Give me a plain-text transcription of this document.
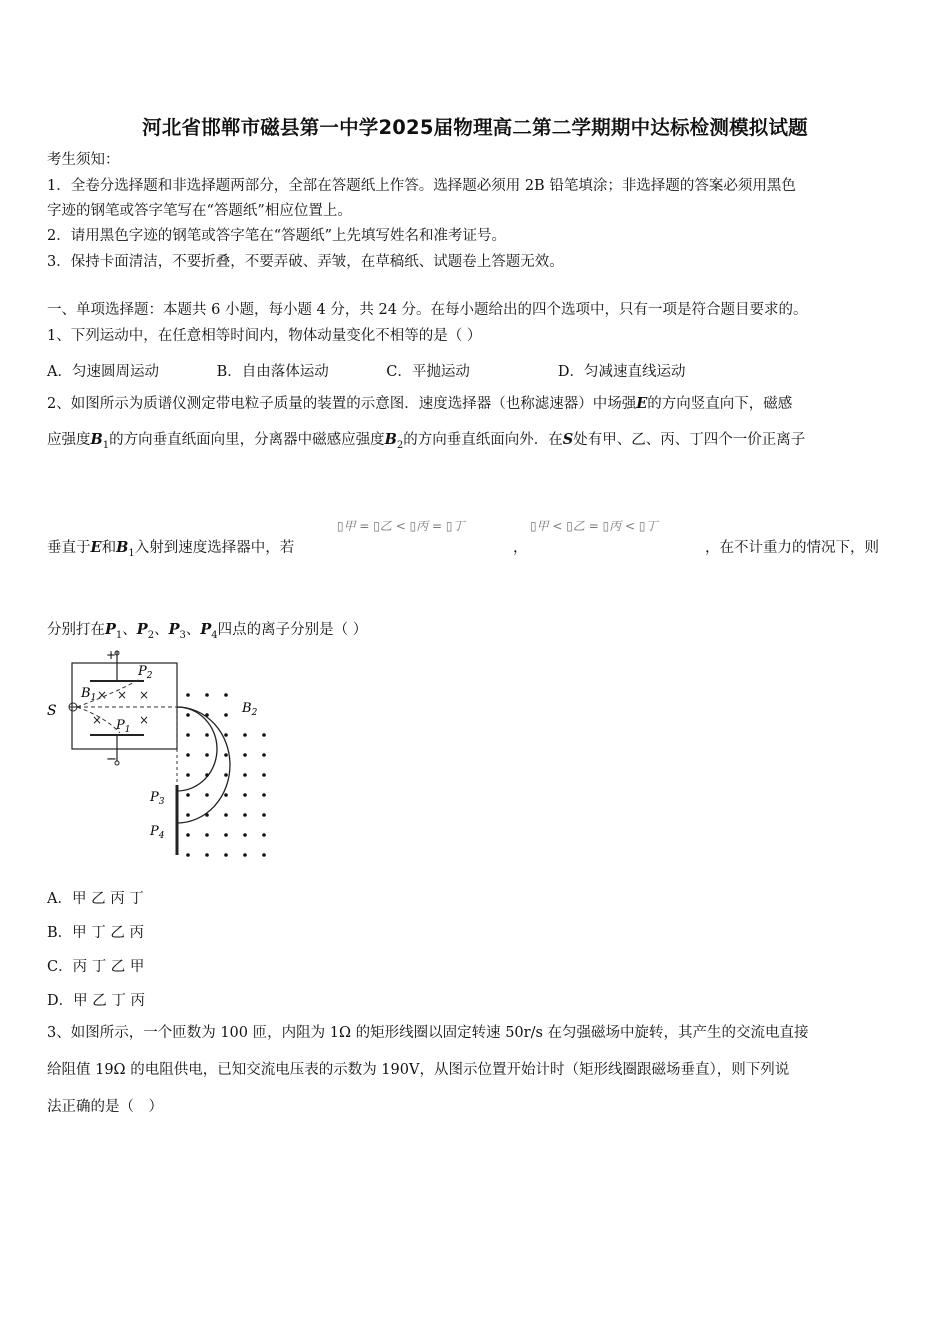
河北省邯郸市磁县第一中学2025届物理高二第二学期期中达标检测模拟试题
考生须知：
1．全卷分选择题和非选择题两部分，全部在答题纸上作答。选择题必须用 2B 铅笔填涂；非选择题的答案必须用黑色
字迹的钢笔或答字笔写在“答题纸”相应位置上。
2．请用黑色字迹的钢笔或答字笔在“答题纸”上先填写姓名和准考证号。
3．保持卡面清洁，不要折叠，不要弄破、弄皱，在草稿纸、试题卷上答题无效。
一、单项选择题：本题共 6 小题，每小题 4 分，共 24 分。在每小题给出的四个选项中，只有一项是符合题目要求的。
1、下列运动中，在任意相等时间内，物体动量变化不相等的是（ ）
A．匀速圆周运动	B．自由落体运动	C．平抛运动	D．匀减速直线运动
2、如图所示为质谱仪测定带电粒子质量的装置的示意图．速度选择器（也称滤速器）中场强E的方向竖直向下，磁感
应强度$B_1$的方向垂直纸面向里，分离器中磁感应强度$B_2$的方向垂直纸面向外．在S处有甲、乙、丙、丁四个一价正离子
▯甲 = ▯乙 < ▯丙 = ▯丁	▯甲 < ▯乙 = ▯丙 < ▯丁
垂直于E和$B_1$入射到速度选择器中，若	，	，在不计重力的情况下，则
分别打在$P_1$、$P_2$、$P_3$、$P_4$四点的离子分别是（ ）
+
−
S
$B_1$ × × ×
×	×
$P_1$
$P_2$
$B_2$
$P_3$
$P_4$
A．甲 乙 丙 丁
B．甲 丁 乙 丙
C．丙 丁 乙 甲
D．甲 乙 丁 丙
3、如图所示，一个匝数为 100 匝，内阻为 1Ω 的矩形线圈以固定转速 50r/s 在匀强磁场中旋转，其产生的交流电直接
给阻值 19Ω 的电阻供电，已知交流电压表的示数为 190V，从图示位置开始计时（矩形线圈跟磁场垂直），则下列说
法正确的是（　）
